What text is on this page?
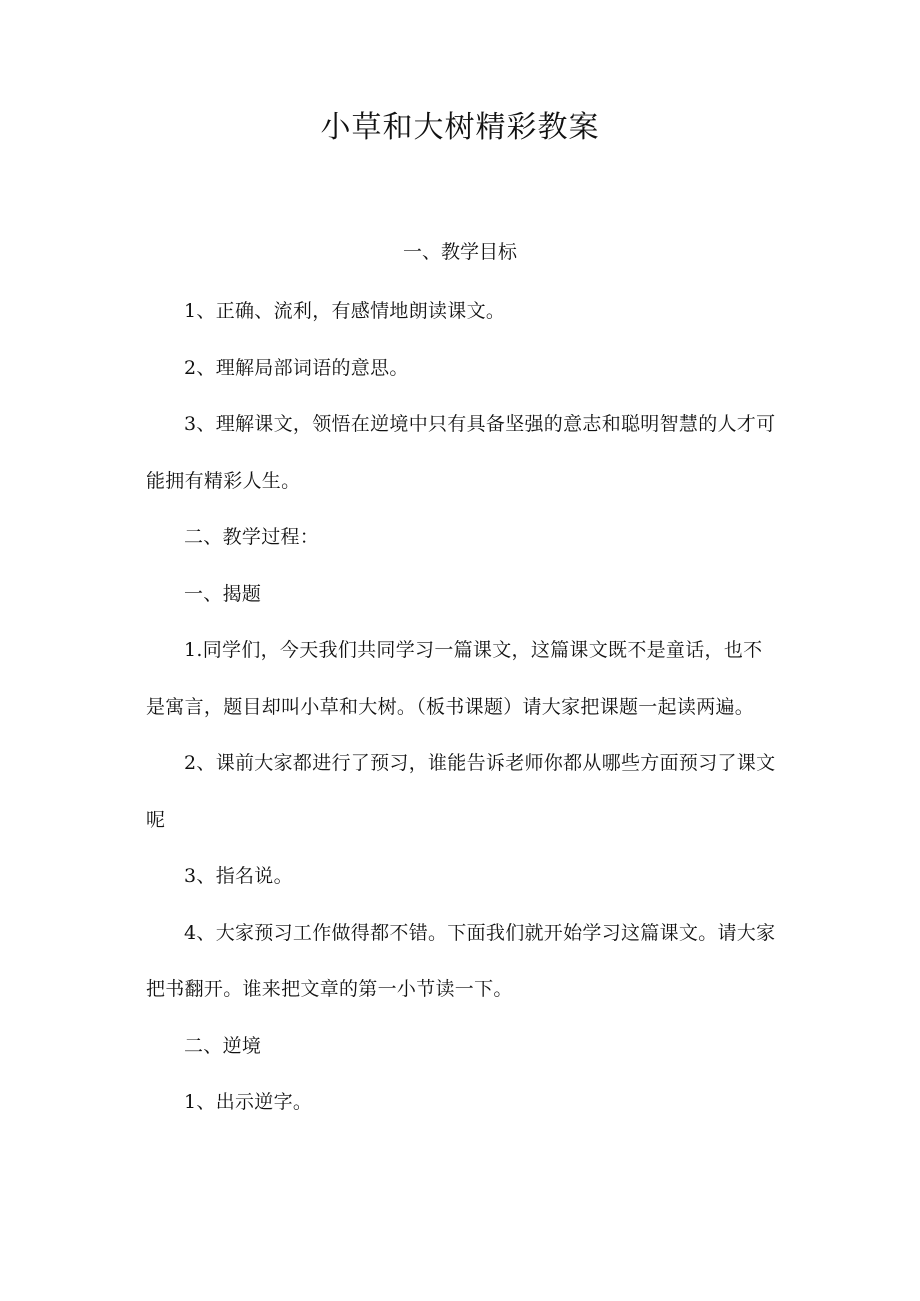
小草和大树精彩教案
一、教学目标

1、正确、流利，有感情地朗读课文。

2、理解局部词语的意思。

3、理解课文，领悟在逆境中只有具备坚强的意志和聪明智慧的人才可能拥有精彩人生。

二、教学过程：

一、揭题

1.同学们，今天我们共同学习一篇课文，这篇课文既不是童话，也不是寓言，题目却叫小草和大树。（板书课题）请大家把课题一起读两遍。

2、课前大家都进行了预习，谁能告诉老师你都从哪些方面预习了课文呢

3、指名说。

4、大家预习工作做得都不错。下面我们就开始学习这篇课文。请大家把书翻开。谁来把文章的第一小节读一下。

二、逆境

1、出示逆字。
